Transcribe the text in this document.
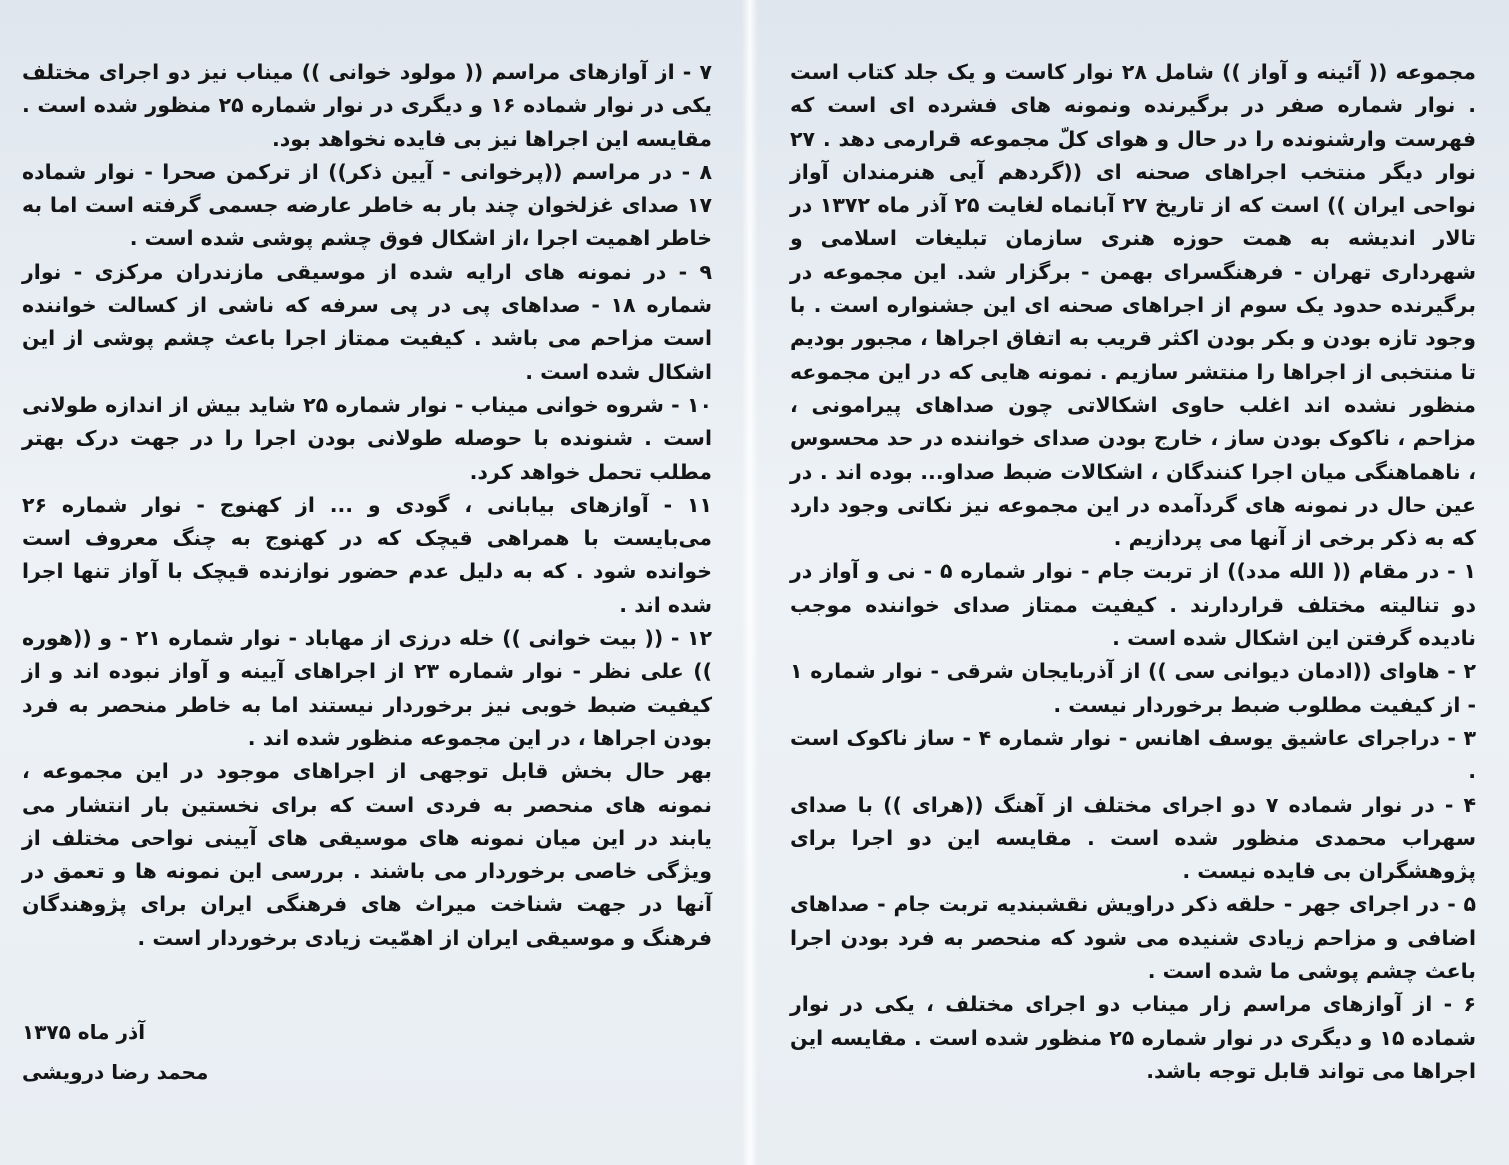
مجموعه (( آئینه و آواز )) شامل ۲۸ نوار کاست و یک جلد کتاب است . نوار شماره صفر در برگیرنده ونمونه های فشرده ای است که فهرست وارشنونده را در حال و هوای کلّ مجموعه قرارمی دهد . ۲۷ نوار دیگر منتخب اجراهای صحنه ای ((گردهم آیی هنرمندان آواز نواحی ایران )) است که از تاریخ ۲۷ آبانماه لغایت ۲۵ آذر ماه ۱۳۷۲ در تالار اندیشه به همت حوزه هنری سازمان تبلیغات اسلامی و شهرداری تهران - فرهنگسرای بهمن - برگزار شد. این مجموعه در برگیرنده حدود یک سوم از اجراهای صحنه ای این جشنواره است . با وجود تازه بودن و بکر بودن اکثر قریب به اتفاق اجراها ، مجبور بودیم تا منتخبی از اجراها را منتشر سازیم . نمونه هایی که در این مجموعه منظور نشده اند اغلب حاوی اشکالاتی چون صداهای پیرامونی ، مزاحم ، ناکوک بودن ساز ، خارج بودن صدای خواننده در حد محسوس ، ناهماهنگی میان اجرا کنندگان ، اشکالات ضبط صداو... بوده اند . در عین حال در نمونه های گردآمده در این مجموعه نیز نکاتی وجود دارد که به ذکر برخی از آنها می پردازیم .

۱ - در مقام (( الله مدد)) از تربت جام - نوار شماره ۵ - نی و آواز در دو تنالیته مختلف قراردارند . کیفیت ممتاز صدای خواننده موجب نادیده گرفتن این اشکال شده است .

۲ - هاوای ((ادمان دیوانی سی )) از آذربایجان شرقی - نوار شماره ۱ - از کیفیت مطلوب ضبط برخوردار نیست .

۳ - دراجرای عاشیق یوسف اهانس - نوار شماره ۴ - ساز ناکوک است .

۴ - در نوار شماده ۷ دو اجرای مختلف از آهنگ ((هرای )) با صدای سهراب محمدی منظور شده است . مقایسه این دو اجرا برای پژوهشگران بی فایده نیست .

۵ - در اجرای جهر - حلقه ذکر دراویش نقشبندیه تربت جام - صداهای اضافی و مزاحم زیادی شنیده می شود که منحصر به فرد بودن اجرا باعث چشم پوشی ما شده است .

۶ - از آوازهای مراسم زار میناب دو اجرای مختلف ، یکی در نوار شماده ۱۵ و دیگری در نوار شماره ۲۵ منظور شده است . مقایسه این اجراها می تواند قابل توجه باشد.

۷ - از آوازهای مراسم (( مولود خوانی )) میناب نیز دو اجرای مختلف یکی در نوار شماده ۱۶ و دیگری در نوار شماره ۲۵ منظور شده است . مقایسه این اجراها نیز بی فایده نخواهد بود.

۸ - در مراسم ((پرخوانی - آیین ذکر)) از ترکمن صحرا - نوار شماده ۱۷ صدای غزلخوان چند بار به خاطر عارضه جسمی گرفته است اما به خاطر اهمیت اجرا ،از اشکال فوق چشم پوشی شده است .

۹ - در نمونه های ارایه شده از موسیقی مازندران مرکزی - نوار شماره ۱۸ - صداهای پی در پی سرفه که ناشی از کسالت خواننده است مزاحم می باشد . کیفیت ممتاز اجرا باعث چشم پوشی از این اشکال شده است .

۱۰ - شروه خوانی میناب - نوار شماره ۲۵ شاید بیش از اندازه طولانی است . شنونده با حوصله طولانی بودن اجرا را در جهت درک بهتر مطلب تحمل خواهد کرد.

۱۱ - آوازهای بیابانی ، گودی و ... از کهنوج - نوار شماره ۲۶ می‌بایست با همراهی قیچک که در کهنوج به چنگ معروف است خوانده شود . که به دلیل عدم حضور نوازنده قیچک با آواز تنها اجرا شده اند .

۱۲ - (( بیت خوانی )) خله درزی از مهاباد - نوار شماره ۲۱ - و ((هوره )) علی نظر - نوار شماره ۲۳ از اجراهای آیینه و آواز نبوده اند و از کیفیت ضبط خوبی نیز برخوردار نیستند اما به خاطر منحصر به فرد بودن اجراها ، در این مجموعه منظور شده اند .

بهر حال بخش قابل توجهی از اجراهای موجود در این مجموعه ، نمونه های منحصر به فردی است که برای نخستین بار انتشار می یابند در این میان نمونه های موسیقی های آیینی نواحی مختلف از ویژگی خاصی برخوردار می باشند . بررسی این نمونه ها و تعمق در آنها در جهت شناخت میراث های فرهنگی ایران برای پژوهندگان فرهنگ و موسیقی ایران از اهمّیت زیادی برخوردار است .

آذر ماه ۱۳۷۵
محمد رضا درویشی
